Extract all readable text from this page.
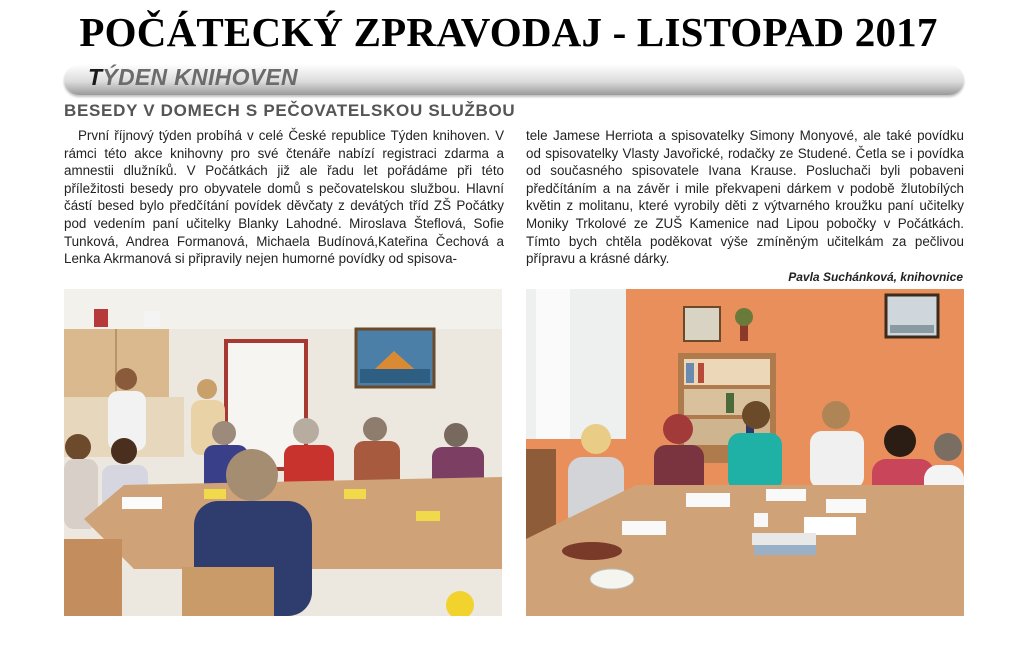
POČÁTECKÝ ZPRAVODAJ - LISTOPAD 2017
TÝDEN KNIHOVEN
BESEDY V DOMECH S PEČOVATELSKOU SLUŽBOU
První říjnový týden probíhá v celé České republice Týden knihoven. V rámci této akce knihovny pro své čtenáře nabízí registraci zdarma a amnestii dlužníků. V Počátkách již ale řadu let pořádáme při této příležitosti besedy pro obyvatele domů s pečovatelskou službou. Hlavní částí besed bylo předčítání povídek děvčaty z devátých tříd ZŠ Počátky pod vedením paní učitelky Blanky Lahodné. Miroslava Šteflová, Sofie Tunková, Andrea Formanová, Michaela Budínová,Kateřina Čechová a Lenka Akrmanová si připravily nejen humorné povídky od spisova-
tele Jamese Herriota a spisovatelky Simony Monyové, ale také povídku od spisovatelky Vlasty Javořické, rodačky ze Studené. Četla se i povídka od současného spisovatele Ivana Krause. Posluchači byli pobaveni předčítáním a na závěr i mile překvapeni dárkem v podobě žlutobílých květin z molitanu, které vyrobily děti z výtvarného kroužku paní učitelky Moniky Trkolové ze ZUŠ Kamenice nad Lipou pobočky v Počátkách. Tímto bych chtěla poděkovat výše zmíněným učitelkám za pečlivou přípravu a krásné dárky.
Pavla Suchánková, knihovnice
